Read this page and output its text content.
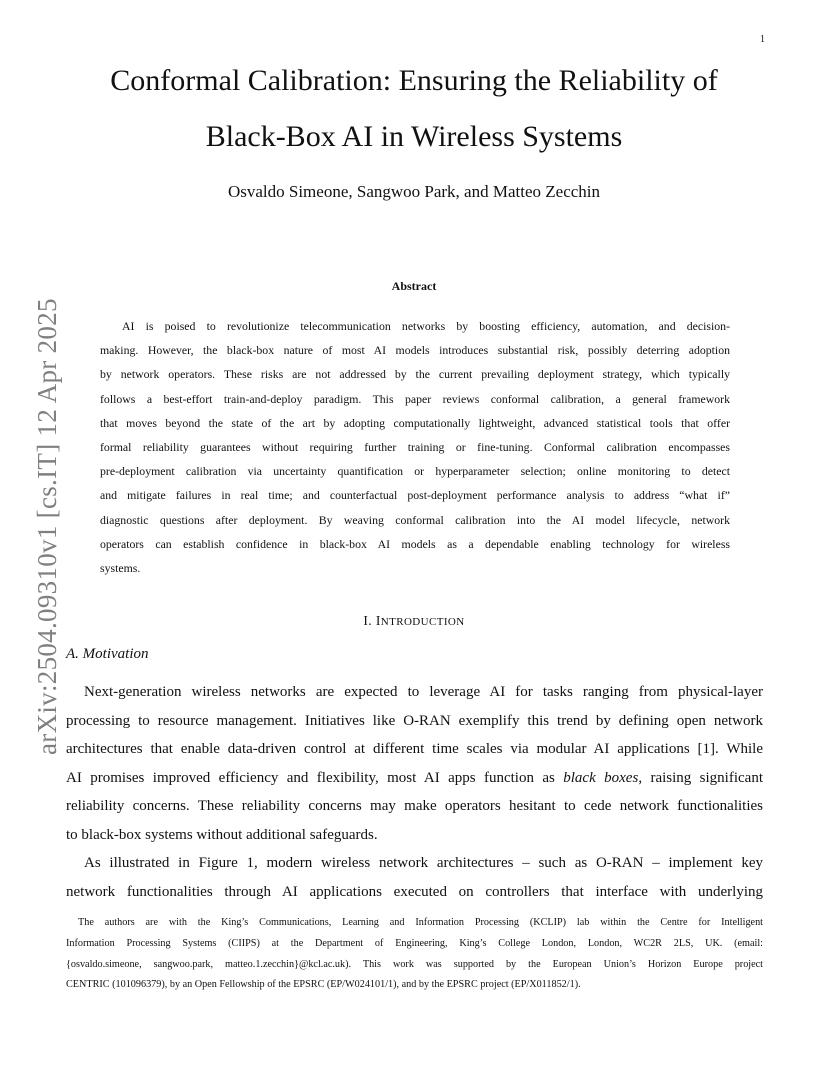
1
arXiv:2504.09310v1 [cs.IT] 12 Apr 2025
Conformal Calibration: Ensuring the Reliability of
Black-Box AI in Wireless Systems
Osvaldo Simeone, Sangwoo Park, and Matteo Zecchin
Abstract
AI is poised to revolutionize telecommunication networks by boosting efficiency, automation, and decision-
making. However, the black-box nature of most AI models introduces substantial risk, possibly deterring adoption
by network operators. These risks are not addressed by the current prevailing deployment strategy, which typically
follows a best-effort train-and-deploy paradigm. This paper reviews conformal calibration, a general framework
that moves beyond the state of the art by adopting computationally lightweight, advanced statistical tools that offer
formal reliability guarantees without requiring further training or fine-tuning. Conformal calibration encompasses
pre-deployment calibration via uncertainty quantification or hyperparameter selection; online monitoring to detect
and mitigate failures in real time; and counterfactual post-deployment performance analysis to address “what if”
diagnostic questions after deployment. By weaving conformal calibration into the AI model lifecycle, network
operators can establish confidence in black-box AI models as a dependable enabling technology for wireless
systems.
I. INTRODUCTION
A. Motivation
Next-generation wireless networks are expected to leverage AI for tasks ranging from physical-layer
processing to resource management. Initiatives like O-RAN exemplify this trend by defining open network
architectures that enable data-driven control at different time scales via modular AI applications [1]. While
AI promises improved efficiency and flexibility, most AI apps function as black boxes, raising significant
reliability concerns. These reliability concerns may make operators hesitant to cede network functionalities
to black-box systems without additional safeguards.
As illustrated in Figure 1, modern wireless network architectures – such as O-RAN – implement key
network functionalities through AI applications executed on controllers that interface with underlying
The authors are with the King’s Communications, Learning and Information Processing (KCLIP) lab within the Centre for Intelligent
Information Processing Systems (CIIPS) at the Department of Engineering, King’s College London, London, WC2R 2LS, UK. (email:
{osvaldo.simeone, sangwoo.park, matteo.1.zecchin}@kcl.ac.uk). This work was supported by the European Union’s Horizon Europe project
CENTRIC (101096379), by an Open Fellowship of the EPSRC (EP/W024101/1), and by the EPSRC project (EP/X011852/1).
